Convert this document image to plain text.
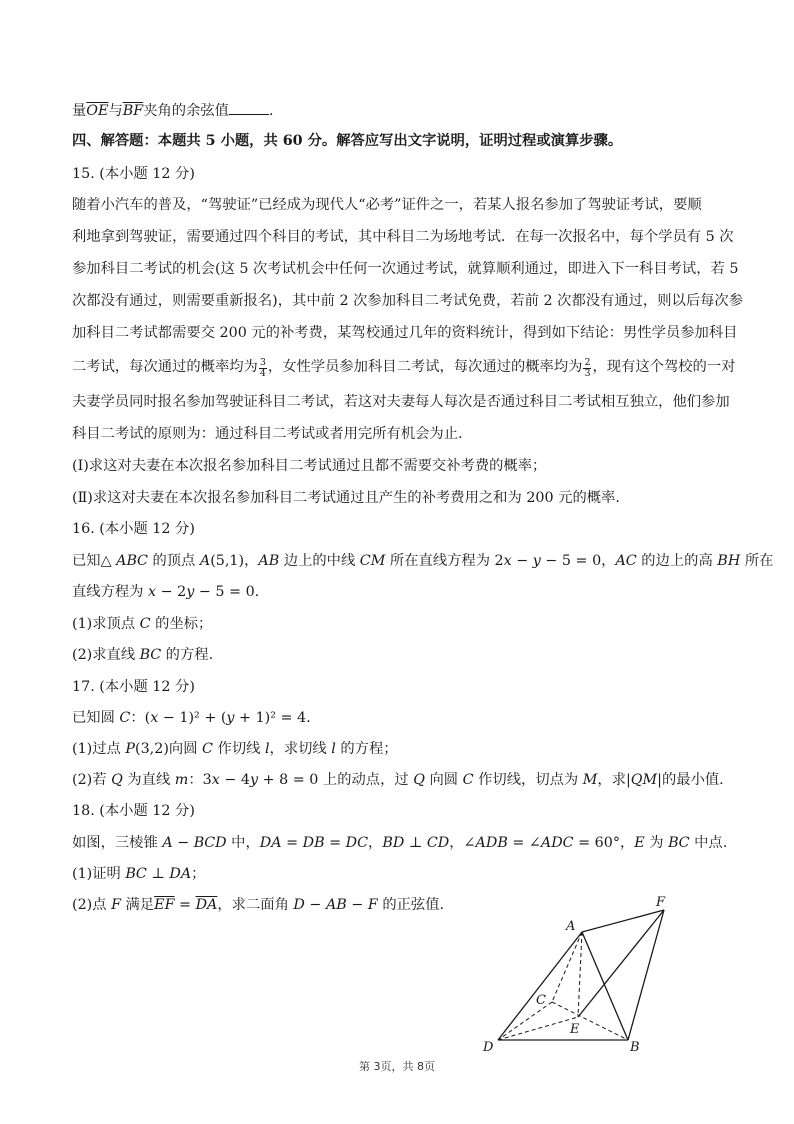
量$\overline{OE}$与$\overline{BF}$夹角的余弦值	.
四、解答题：本题共 5 小题，共 60 分。解答应写出文字说明，证明过程或演算步骤。
15. (本小题 12 分)
随着小汽车的普及，“驾驶证”已经成为现代人“必考”证件之一，若某人报名参加了驾驶证考试，要顺
利地拿到驾驶证，需要通过四个科目的考试，其中科目二为场地考试．在每一次报名中，每个学员有 5 次
参加科目二考试的机会(这 5 次考试机会中任何一次通过考试，就算顺利通过，即进入下一科目考试，若 5
次都没有通过，则需要重新报名)，其中前 2 次参加科目二考试免费，若前 2 次都没有通过，则以后每次参
加科目二考试都需要交 200 元的补考费，某驾校通过几年的资料统计，得到如下结论：男性学员参加科目
二考试，每次通过的概率均为 $\frac{3}{4}$ ，女性学员参加科目二考试，每次通过的概率均为 $\frac{2}{3}$ ，现有这个驾校的一对
夫妻学员同时报名参加驾驶证科目二考试，若这对夫妻每人每次是否通过科目二考试相互独立，他们参加
科目二考试的原则为：通过科目二考试或者用完所有机会为止.
(Ⅰ)求这对夫妻在本次报名参加科目二考试通过且都不需要交补考费的概率；
(Ⅱ)求这对夫妻在本次报名参加科目二考试通过且产生的补考费用之和为 200 元的概率.
16. (本小题 12 分)
已知△ 𝐴𝐵𝐶 的顶点 𝐴(5,1)，𝐴𝐵 边上的中线 𝐶𝑀 所在直线方程为 2𝑥 − 𝑦 − 5 = 0，𝐴𝐶 的边上的高 𝐵𝐻 所在
直线方程为 𝑥 − 2𝑦 − 5 = 0.
(1)求顶点 𝐶 的坐标；
(2)求直线 𝐵𝐶 的方程.
17. (本小题 12 分)
已知圆 𝐶：(𝑥 − 1)² + (𝑦 + 1)² = 4.
(1)过点 𝑃(3,2)向圆 𝐶 作切线 𝑙，求切线 𝑙 的方程；
(2)若 𝑄 为直线 𝑚：3𝑥 − 4𝑦 + 8 = 0 上的动点，过 𝑄 向圆 𝐶 作切线，切点为 𝑀，求|𝑄𝑀|的最小值.
18. (本小题 12 分)
如图，三棱锥 𝐴 − 𝐵𝐶𝐷 中，𝐷𝐴 = 𝐷𝐵 = 𝐷𝐶，𝐵𝐷 ⊥ 𝐶𝐷，∠𝐴𝐷𝐵 = ∠𝐴𝐷𝐶 = 60°，𝐸 为 𝐵𝐶 中点.
(1)证明 𝐵𝐶 ⊥ 𝐷𝐴；
(2)点 𝐹 满足$\overline{EF} = \overline{DA}$，求二面角 𝐷 − 𝐴𝐵 − 𝐹 的正弦值.
A
F
C
E
D	B
第 3页，共 8页
